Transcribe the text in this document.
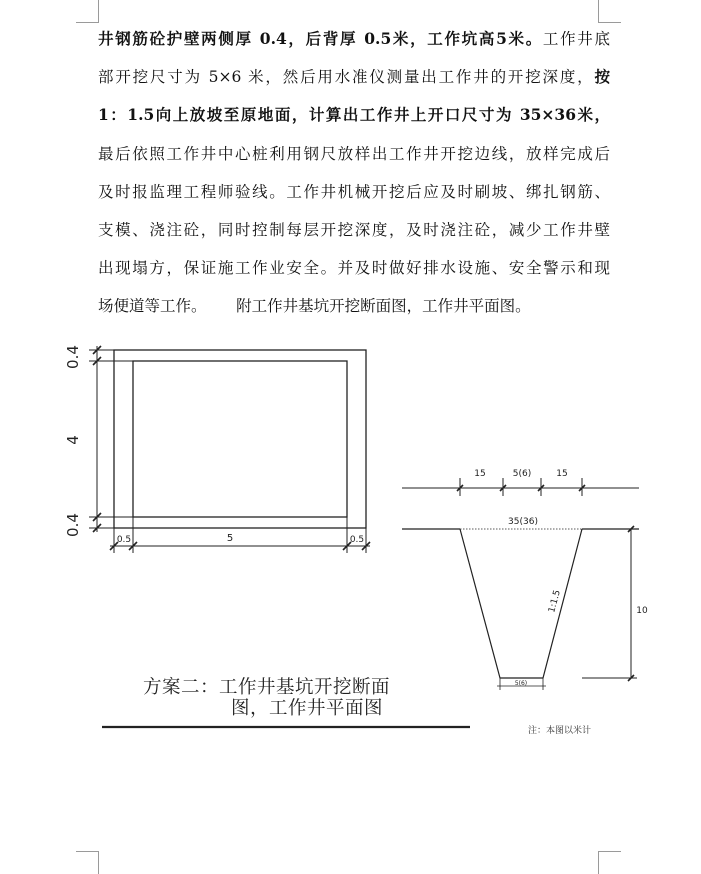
井钢筋砼护壁两侧厚 0.4，后背厚 0.5米，工作坑高5米。工作井底
部开挖尺寸为 5×6 米，然后用水准仪测量出工作井的开挖深度，按
1：1.5向上放坡至原地面，计算出工作井上开口尺寸为 35×36米，
最后依照工作井中心桩利用钢尺放样出工作井开挖边线，放样完成后
及时报监理工程师验线。工作井机械开挖后应及时刷坡、绑扎钢筋、
支模、浇注砼，同时控制每层开挖深度，及时浇注砼，减少工作井壁
出现塌方，保证施工作业安全。并及时做好排水设施、安全警示和现
场便道等工作。      附工作井基坑开挖断面图，工作井平面图。
0.4
4
0.4
0.5	5	0.5
15	5(6)	15
35(36)
1:1.5	10
5(6)
方案二：工作井基坑开挖断面
图，工作井平面图
注：本图以米计
